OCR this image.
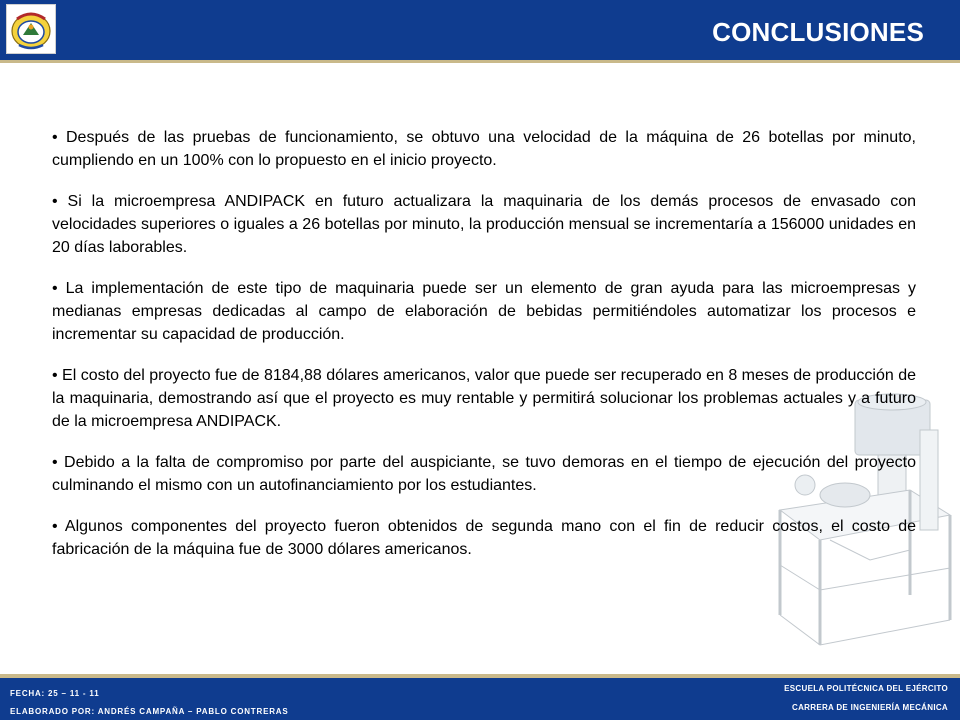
CONCLUSIONES

• Después de las pruebas de funcionamiento, se obtuvo una velocidad de la máquina de 26 botellas por minuto, cumpliendo en un 100% con lo propuesto en el inicio proyecto.

• Si la microempresa ANDIPACK en futuro actualizara la maquinaria de los demás procesos de envasado con velocidades superiores o iguales a 26 botellas por minuto, la producción mensual se incrementaría a 156000 unidades en 20 días laborables.

• La implementación de este tipo de maquinaria puede ser un elemento de gran ayuda para las microempresas y medianas empresas dedicadas al campo de elaboración de bebidas permitiéndoles automatizar los procesos e incrementar su capacidad de producción.

• El costo del proyecto fue de 8184,88 dólares americanos, valor que puede ser recuperado en 8 meses de producción de la maquinaria, demostrando así que el proyecto es muy rentable y permitirá solucionar los problemas actuales y a futuro de la microempresa ANDIPACK.

• Debido a la falta de compromiso por parte del auspiciante, se tuvo demoras en el tiempo de ejecución del proyecto culminando el mismo con un autofinanciamiento por los estudiantes.

• Algunos componentes del proyecto fueron obtenidos de segunda mano con el fin de reducir costos, el costo de fabricación de la máquina fue de 3000 dólares americanos.

FECHA: 25 – 11 - 11
ELABORADO POR: ANDRÉS CAMPAÑA – PABLO CONTRERAS
ESCUELA POLITÉCNICA DEL EJÉRCITO
CARRERA DE INGENIERÍA MECÁNICA
